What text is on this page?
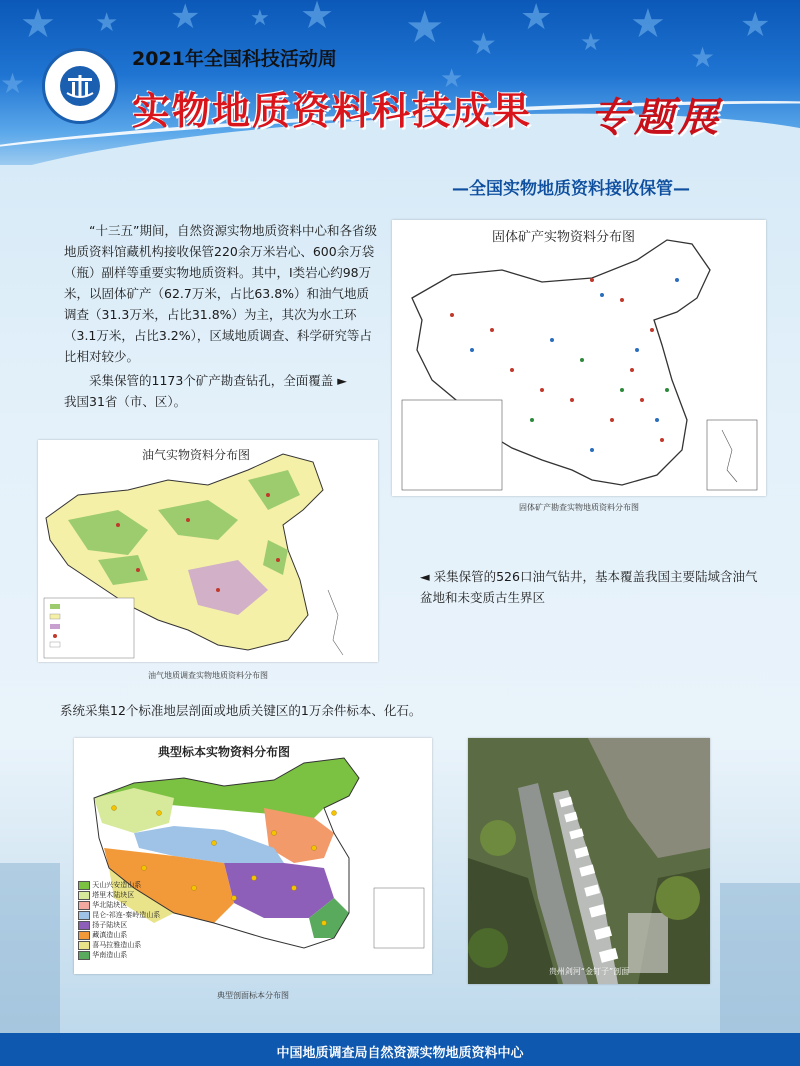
★ ★ ★ ★ ★ ★ ★
★
★ ★
★
★
★	★
2021年全国科技活动周
实物地质资料科技成果 专题展
—全国实物地质资料接收保管—
“十三五”期间，自然资源实物地质资料中心和各省级地质资料馆藏机构接收保管220余万米岩心、600余万袋（瓶）副样等重要实物地质资料。其中，Ⅰ类岩心约98万米，以固体矿产（62.7万米，占比63.8%）和油气地质调查（31.3万米，占比31.8%）为主，其次为水工环（3.1万米，占比3.2%），区域地质调查、科学研究等占比相对较少。
采集保管的1173个矿产勘查钻孔，全面覆盖 ► 我国31省（市、区）。
固体矿产实物资料分布图
固体矿产勘查实物地质资料分布图
油气实物资料分布图
油气地质调查实物地质资料分布图
◄ 采集保管的526口油气钻井，基本覆盖我国主要陆域含油气盆地和未变质古生界区
系统采集12个标准地层剖面或地质关键区的1万余件标本、化石。
典型标本实物资料分布图
天山兴安造山系
塔里木陆块区
华北陆块区
昆仑-祁连-秦岭造山系
扬子陆块区
藏滇造山系
喜马拉雅造山系
华南造山系
典型剖面标本分布图
贵州剑河“金钉子”剖面
中国地质调查局自然资源实物地质资料中心
